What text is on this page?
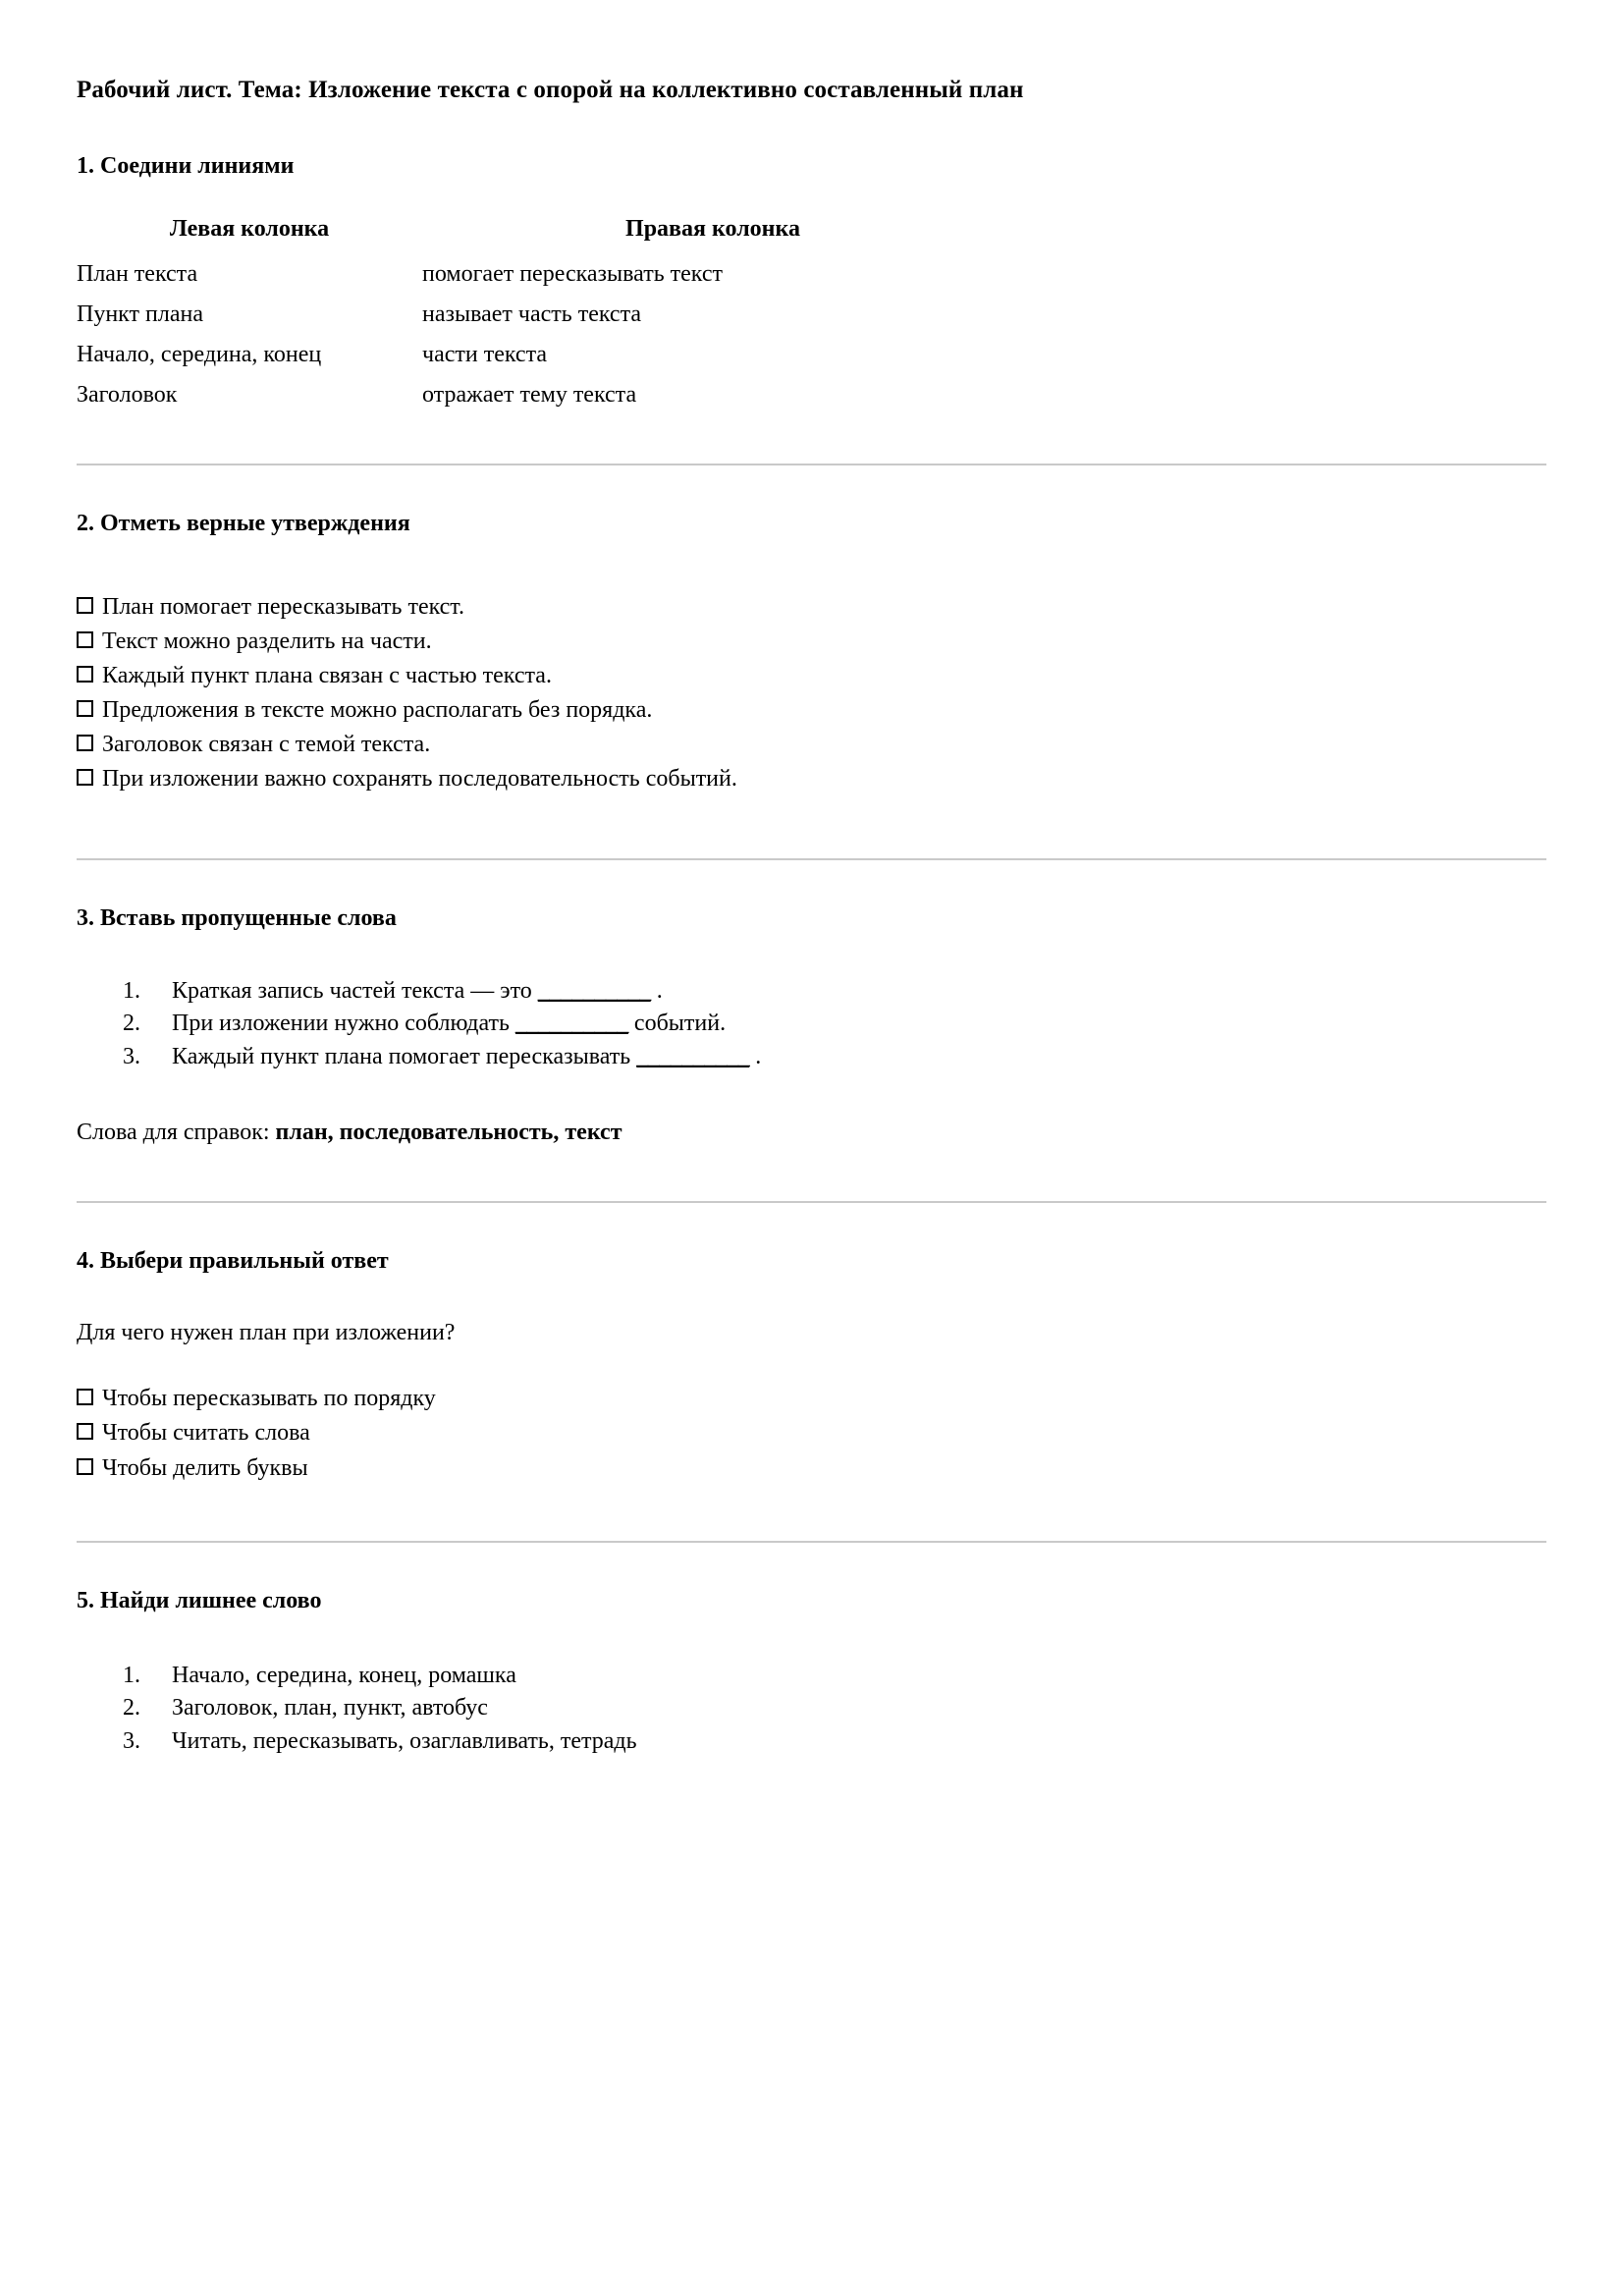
Рабочий лист. Тема: Изложение текста с опорой на коллективно составленный план
1. Соедини линиями
Левая колонка	Правая колонка
План текста	помогает пересказывать текст
Пункт плана	называет часть текста
Начало, середина, конец	части текста
Заголовок	отражает тему текста
2. Отметь верные утверждения
План помогает пересказывать текст.
Текст можно разделить на части.
Каждый пункт плана связан с частью текста.
Предложения в тексте можно располагать без порядка.
Заголовок связан с темой текста.
При изложении важно сохранять последовательность событий.
3. Вставь пропущенные слова
1.	Краткая запись частей текста — это __________ .
2.	При изложении нужно соблюдать __________ событий.
3.	Каждый пункт плана помогает пересказывать __________ .

Слова для справок: план, последовательность, текст

4. Выбери правильный ответ

Для чего нужен план при изложении?

Чтобы пересказывать по порядку
Чтобы считать слова
Чтобы делить буквы
5. Найди лишнее слово
1.	Начало, середина, конец, ромашка
2.	Заголовок, план, пункт, автобус
3.	Читать, пересказывать, озаглавливать, тетрадь
